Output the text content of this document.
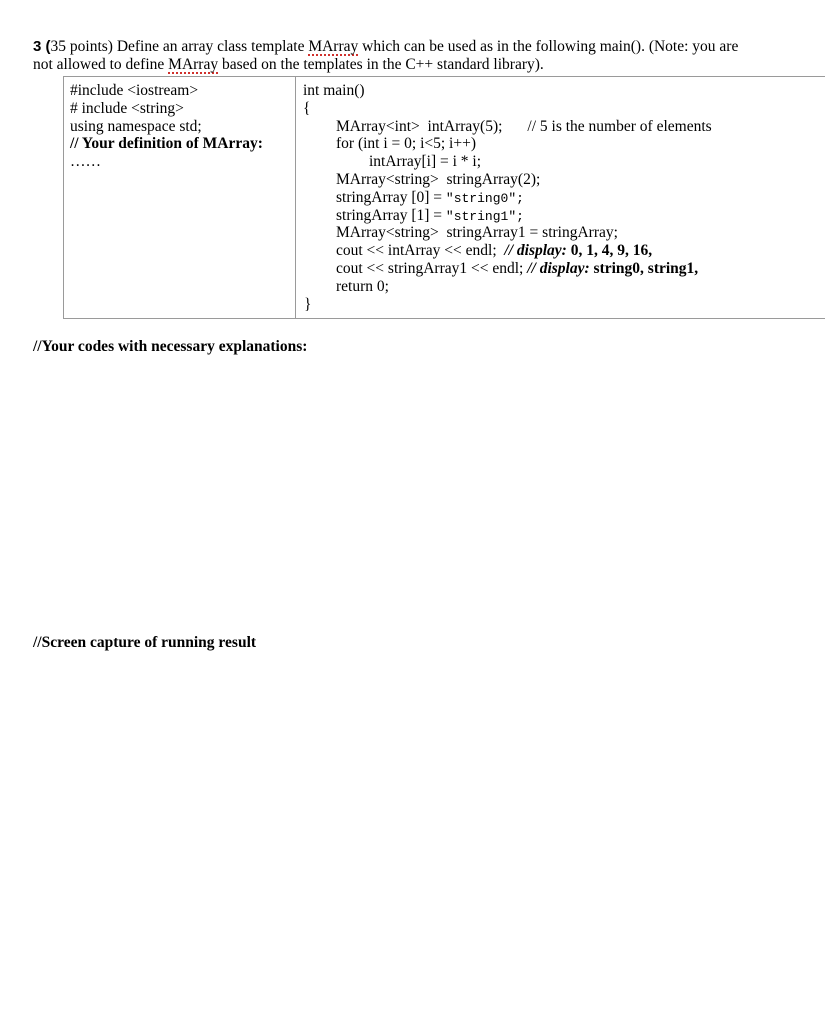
3 (35 points) Define an array class template MArray which can be used as in the following main(). (Note: you are
not allowed to define MArray based on the templates in the C++ standard library).
#include <iostream>
# include <string>
using namespace std;
// Your definition of MArray:
……
int main()
{
MArray<int>  intArray(5); // 5 is the number of elements
for (int i = 0; i<5; i++)
intArray[i] = i * i;
MArray<string>  stringArray(2);
stringArray [0] = "string0";
stringArray [1] = "string1";
MArray<string>  stringArray1 = stringArray;
cout << intArray << endl;  // display: 0, 1, 4, 9, 16,
cout << stringArray1 << endl; // display: string0, string1,
return 0;
}
//Your codes with necessary explanations:
//Screen capture of running result
